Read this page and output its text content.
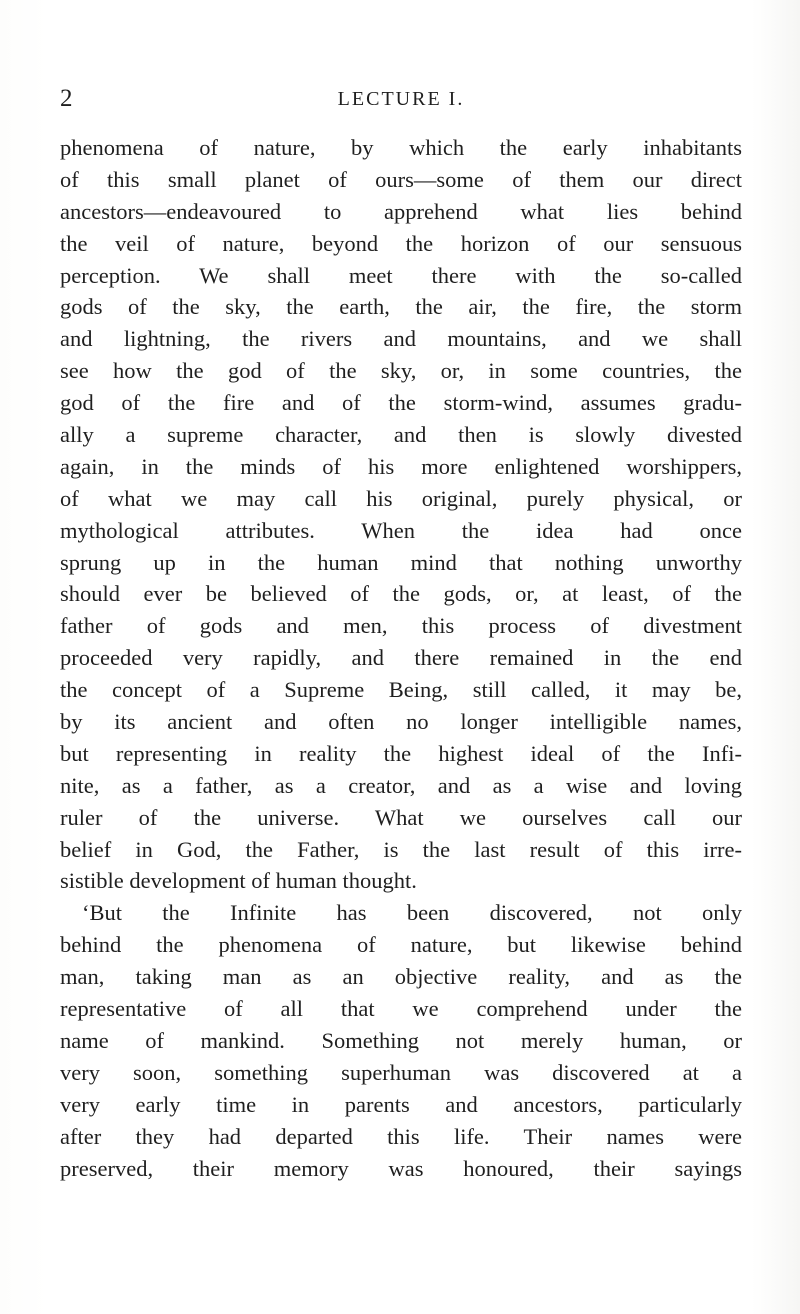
2	LECTURE I.
phenomena of nature, by which the early inhabitants
of this small planet of ours—some of them our direct
ancestors—endeavoured to apprehend what lies behind
the veil of nature, beyond the horizon of our sensuous
perception. We shall meet there with the so-called
gods of the sky, the earth, the air, the fire, the storm
and lightning, the rivers and mountains, and we shall
see how the god of the sky, or, in some countries, the
god of the fire and of the storm-wind, assumes gradu-
ally a supreme character, and then is slowly divested
again, in the minds of his more enlightened worshippers,
of what we may call his original, purely physical, or
mythological attributes. When the idea had once
sprung up in the human mind that nothing unworthy
should ever be believed of the gods, or, at least, of the
father of gods and men, this process of divestment
proceeded very rapidly, and there remained in the end
the concept of a Supreme Being, still called, it may be,
by its ancient and often no longer intelligible names,
but representing in reality the highest ideal of the Infi-
nite, as a father, as a creator, and as a wise and loving
ruler of the universe. What we ourselves call our
belief in God, the Father, is the last result of this irre-
sistible development of human thought.
‘But the Infinite has been discovered, not only
behind the phenomena of nature, but likewise behind
man, taking man as an objective reality, and as the
representative of all that we comprehend under the
name of mankind. Something not merely human, or
very soon, something superhuman was discovered at a
very early time in parents and ancestors, particularly
after they had departed this life. Their names were
preserved, their memory was honoured, their sayings
